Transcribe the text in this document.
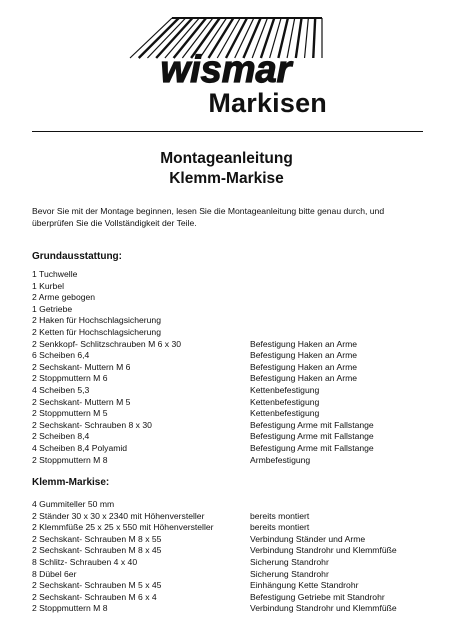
wismar
Markisen
Montageanleitung
Klemm-Markise
Bevor Sie mit der Montage beginnen, lesen Sie die Montageanleitung bitte genau durch, und überprüfen Sie die Vollständigkeit der Teile.
Grundausstattung:
1 Tuchwelle
1 Kurbel
2 Arme gebogen
1 Getriebe
2 Haken für Hochschlagsicherung
2 Ketten für Hochschlagsicherung
2 Senkkopf- Schlitzschrauben M 6 x 30	Befestigung Haken an Arme
6 Scheiben 6,4	Befestigung Haken an Arme
2 Sechskant- Muttern M 6	Befestigung Haken an Arme
2 Stoppmuttern M 6	Befestigung Haken an Arme
4 Scheiben 5,3	Kettenbefestigung
2 Sechskant- Muttern M 5	Kettenbefestigung
2 Stoppmuttern M 5	Kettenbefestigung
2 Sechskant- Schrauben 8 x 30	Befestigung Arme mit Fallstange
2 Scheiben 8,4	Befestigung Arme mit Fallstange
4 Scheiben 8,4 Polyamid	Befestigung Arme mit Fallstange
2 Stoppmuttern M 8	Armbefestigung
Klemm-Markise:
4 Gummiteller 50 mm
2 Ständer 30 x 30 x 2340 mit Höhenversteller	bereits montiert
2 Klemmfüße 25 x 25 x 550 mit Höhenversteller	bereits montiert
2 Sechskant- Schrauben M 8 x 55	Verbindung Ständer und Arme
2 Sechskant- Schrauben M 8 x 45	Verbindung Standrohr und Klemmfüße
8 Schlitz- Schrauben 4 x 40	Sicherung Standrohr
8 Dübel 6er	Sicherung Standrohr
2 Sechskant- Schrauben M 5 x 45	Einhängung Kette Standrohr
2 Sechskant- Schrauben M 6 x 4	Befestigung Getriebe mit Standrohr
2 Stoppmuttern M 8	Verbindung Standrohr und Klemmfüße
